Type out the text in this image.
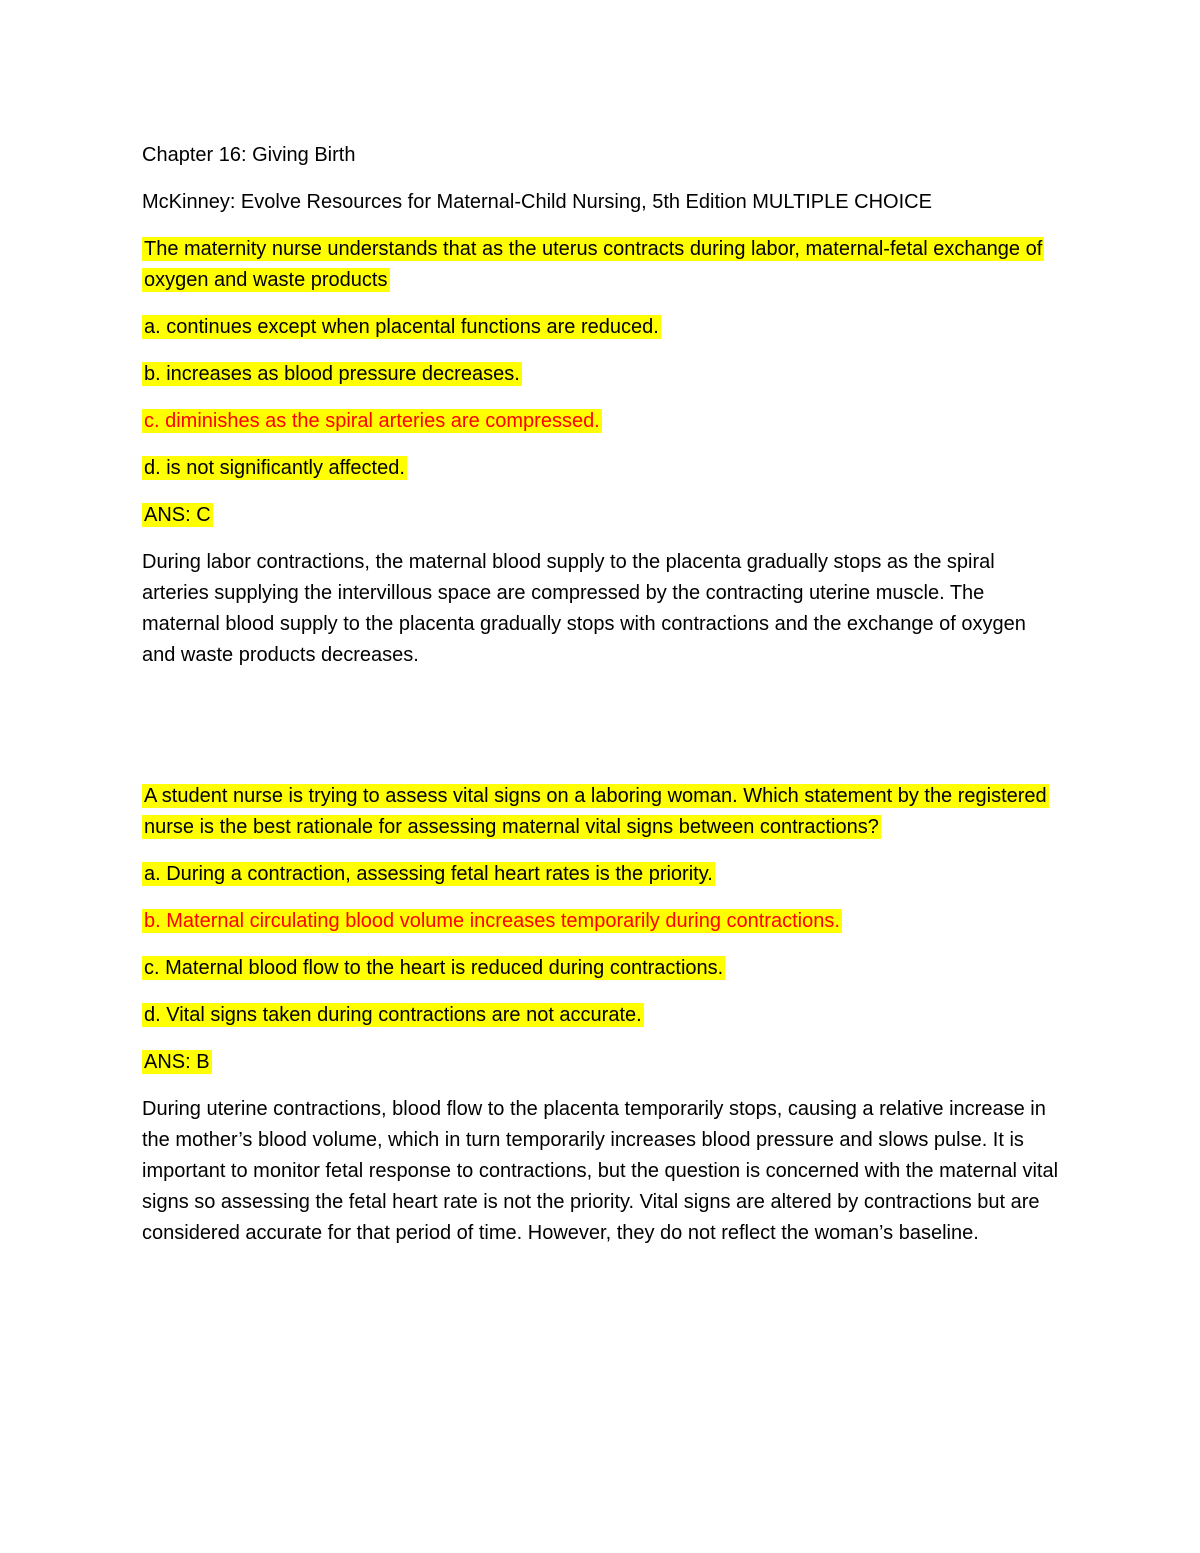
Chapter 16: Giving Birth

McKinney: Evolve Resources for Maternal-Child Nursing, 5th Edition MULTIPLE CHOICE

The maternity nurse understands that as the uterus contracts during labor, maternal-fetal exchange of oxygen and waste products

a. continues except when placental functions are reduced.

b. increases as blood pressure decreases.

c. diminishes as the spiral arteries are compressed.

d. is not significantly affected.

ANS: C

During labor contractions, the maternal blood supply to the placenta gradually stops as the spiral arteries supplying the intervillous space are compressed by the contracting uterine muscle. The maternal blood supply to the placenta gradually stops with contractions and the exchange of oxygen and waste products decreases.

A student nurse is trying to assess vital signs on a laboring woman. Which statement by the registered nurse is the best rationale for assessing maternal vital signs between contractions?

a. During a contraction, assessing fetal heart rates is the priority.

b. Maternal circulating blood volume increases temporarily during contractions.

c. Maternal blood flow to the heart is reduced during contractions.

d. Vital signs taken during contractions are not accurate.

ANS: B

During uterine contractions, blood flow to the placenta temporarily stops, causing a relative increase in the mother’s blood volume, which in turn temporarily increases blood pressure and slows pulse. It is important to monitor fetal response to contractions, but the question is concerned with the maternal vital signs so assessing the fetal heart rate is not the priority. Vital signs are altered by contractions but are considered accurate for that period of time. However, they do not reflect the woman’s baseline.
